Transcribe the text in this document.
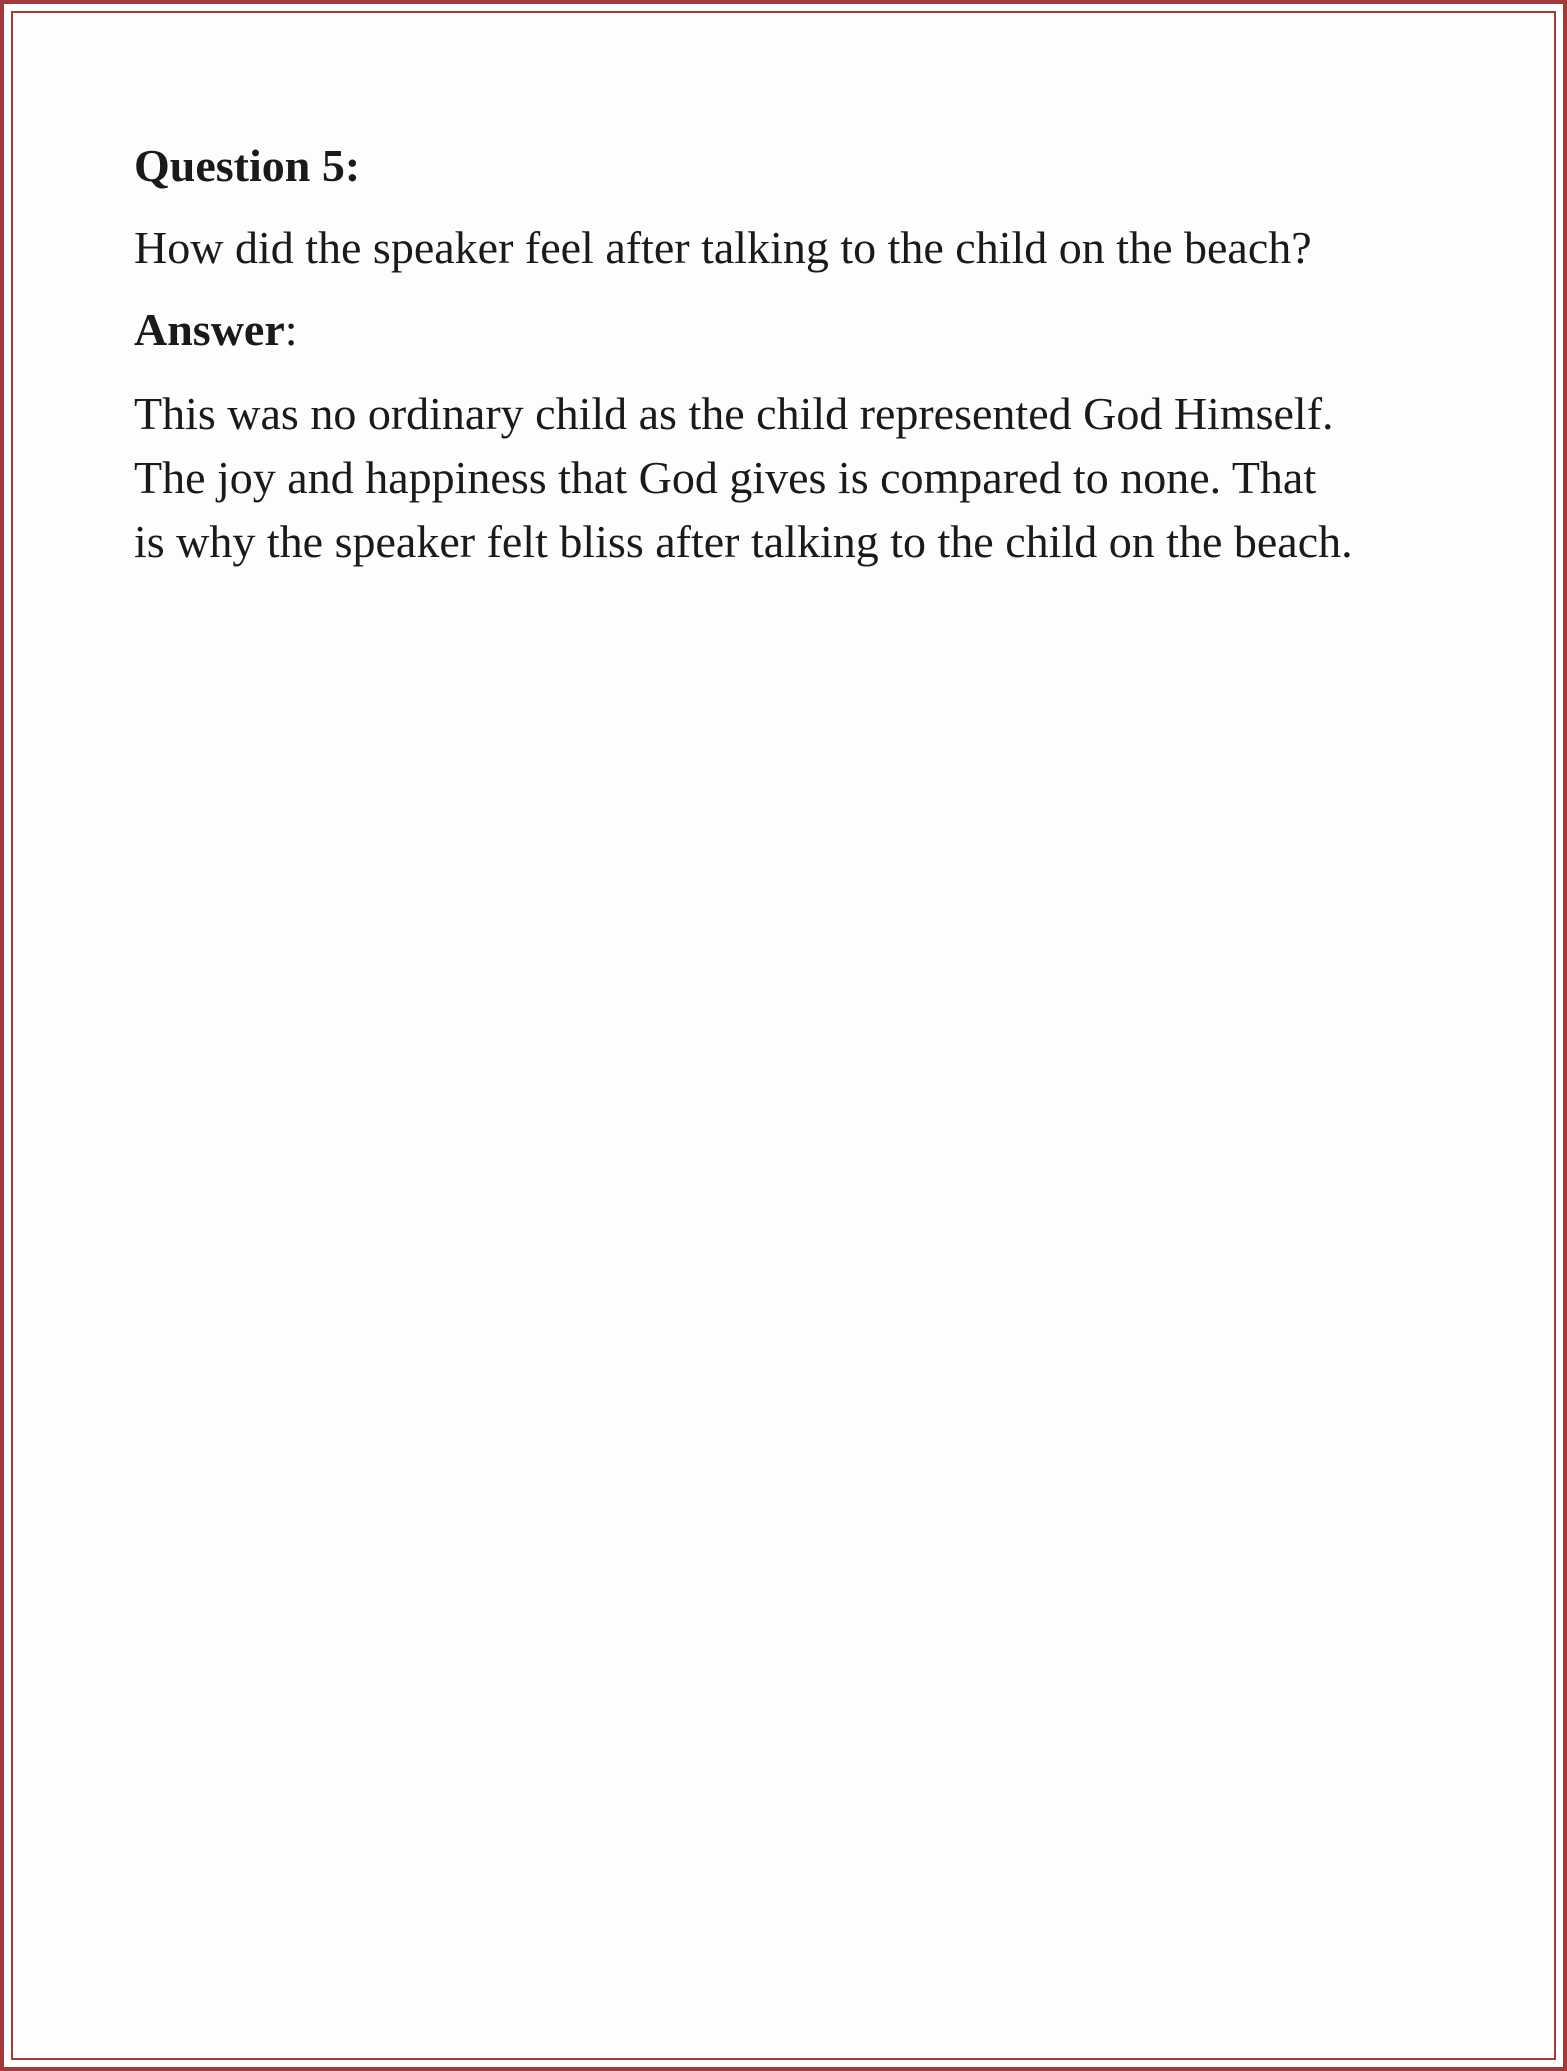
Question 5:
How did the speaker feel after talking to the child on the beach?
Answer:
This was no ordinary child as the child represented God Himself.
The joy and happiness that God gives is compared to none. That
is why the speaker felt bliss after talking to the child on the beach.
